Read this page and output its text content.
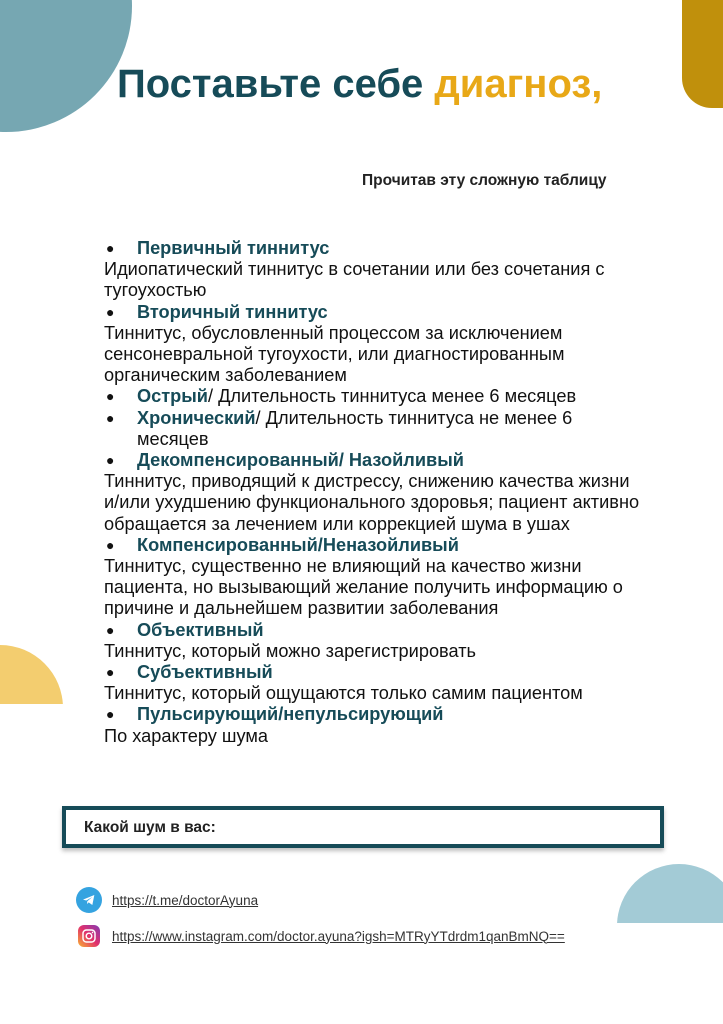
Поставьте себе диагноз,
Прочитав эту сложную таблицу
● Первичный тиннитус
Идиопатический тиннитус в сочетании или без сочетания с тугоухостью
● Вторичный тиннитус
Тиннитус, обусловленный процессом за исключением сенсоневральной тугоухости, или диагностированным органическим заболеванием
● Острый/ Длительность тиннитуса менее 6 месяцев
● Хронический/ Длительность тиннитуса не менее 6 месяцев
● Декомпенсированный/ Назойливый
Тиннитус, приводящий к дистрессу, снижению качества жизни и/или ухудшению функционального здоровья; пациент активно обращается за лечением или коррекцией шума в ушах
● Компенсированный/Неназойливый
Тиннитус, существенно не влияющий на качество жизни пациента, но вызывающий желание получить информацию о причине и дальнейшем развитии заболевания
● Объективный
Тиннитус, который можно зарегистрировать
● Субъективный
Тиннитус, который ощущаются только самим пациентом
● Пульсирующий/непульсирующий
По характеру шума
Какой шум в вас:
https://t.me/doctorAyuna
https://www.instagram.com/doctor.ayuna?igsh=MTRyYTdrdm1qanBmNQ==
